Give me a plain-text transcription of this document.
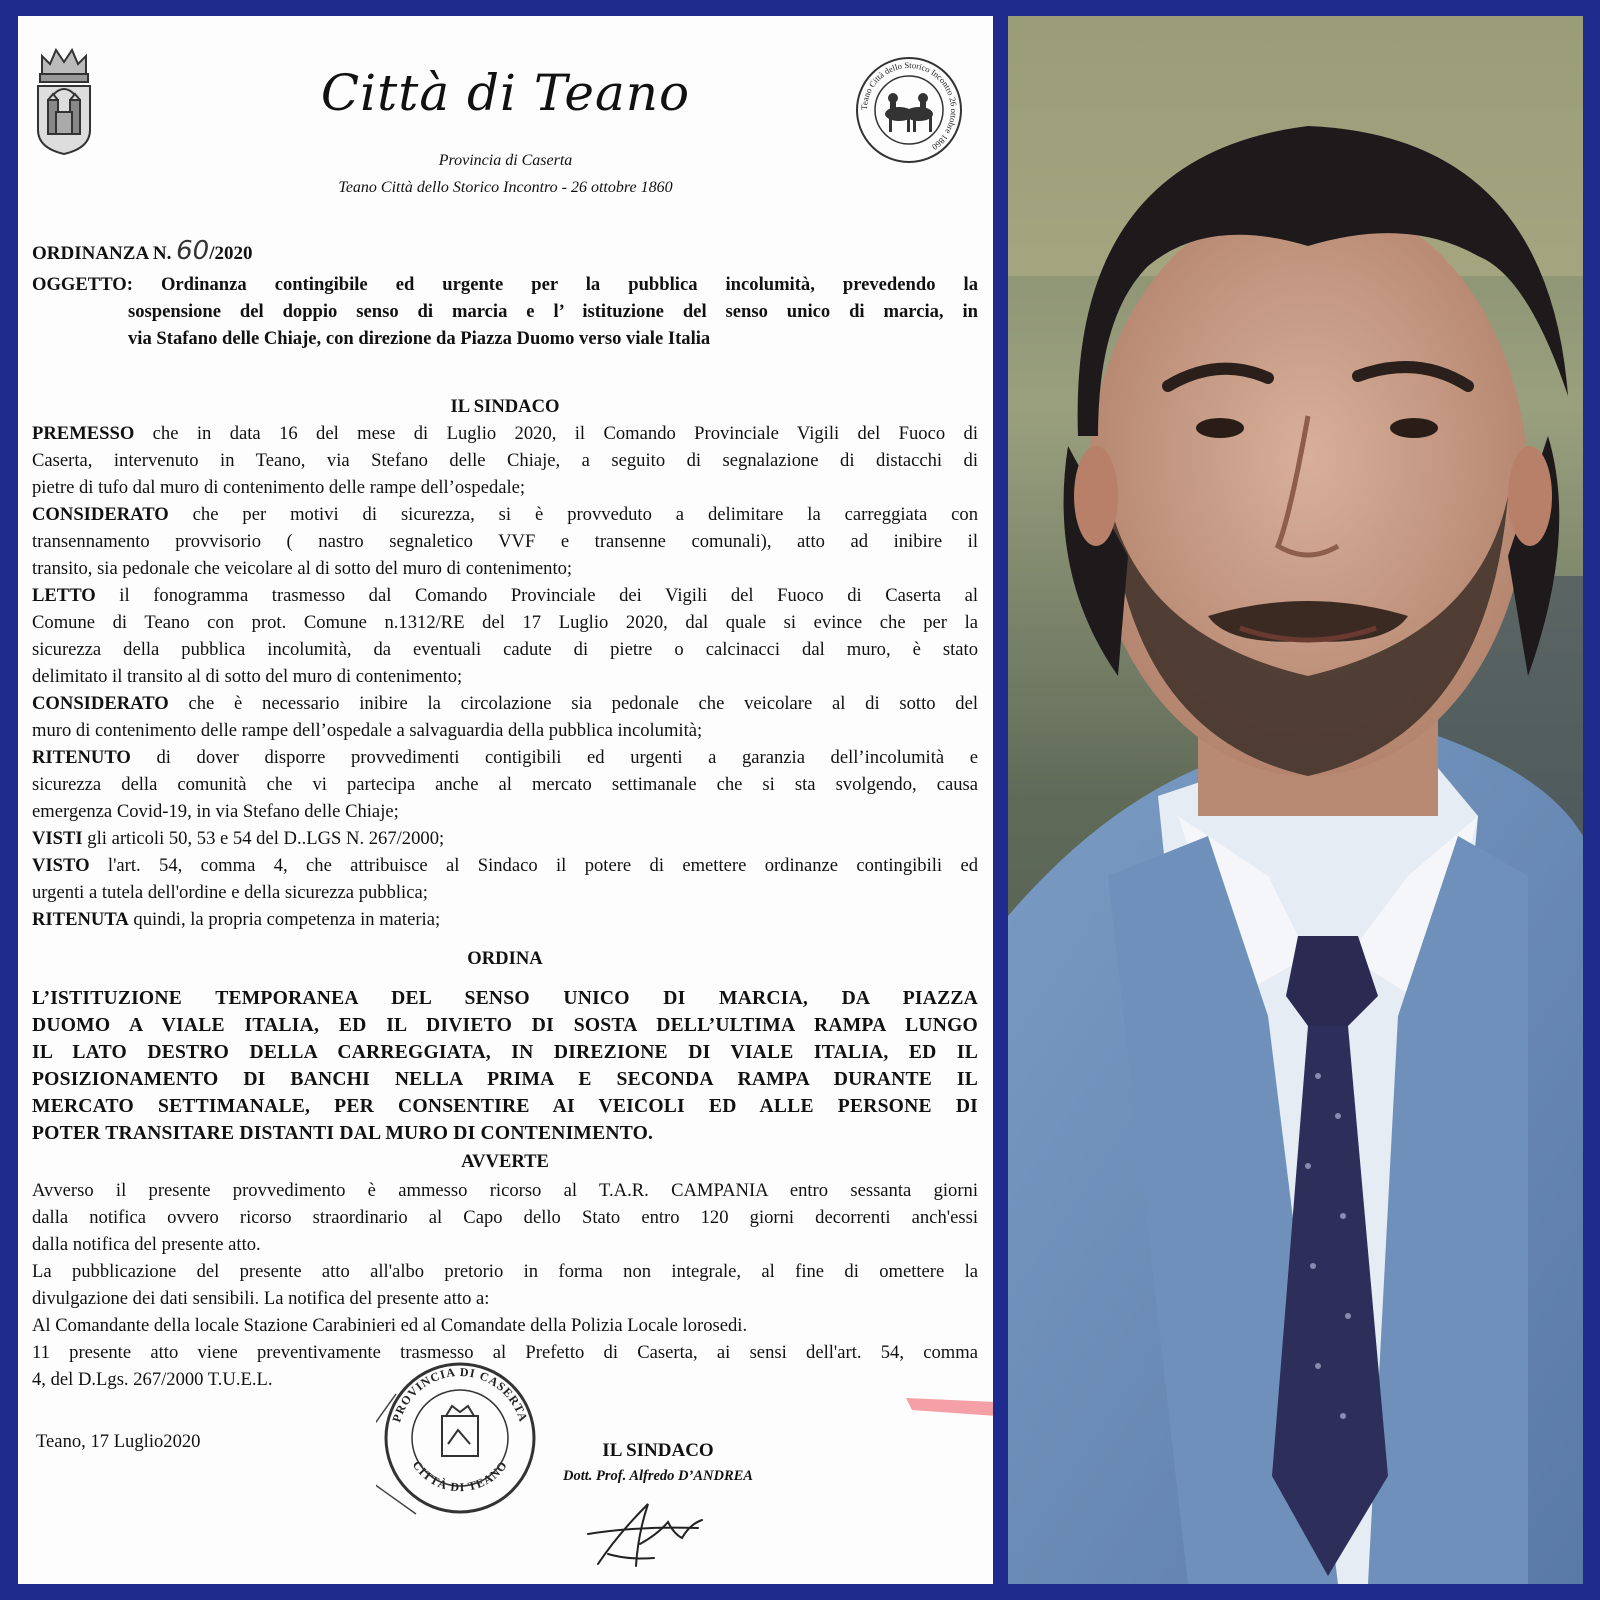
Città di Teano
Provincia di Caserta
Teano Città dello Storico Incontro - 26 ottobre 1860
Teano Città dello Storico Incontro 26 ottobre 1860
ORDINANZA N. 60/2020
OGGETTO: Ordinanza contingibile ed urgente per la pubblica incolumità, prevedendo la
sospensione del doppio senso di marcia e l’ istituzione del senso unico di marcia, in
via Stafano delle Chiaje, con direzione da Piazza Duomo verso viale Italia
IL SINDACO
PREMESSO che in data 16 del mese di Luglio 2020, il Comando Provinciale Vigili del Fuoco di
Caserta, intervenuto in Teano, via Stefano delle Chiaje, a seguito di segnalazione di distacchi di
pietre di tufo dal muro di contenimento delle rampe dell’ospedale;
CONSIDERATO che per motivi di sicurezza, si è provveduto a delimitare la carreggiata con
transennamento provvisorio ( nastro segnaletico VVF e transenne comunali), atto ad inibire il
transito, sia pedonale che veicolare al di sotto del muro di contenimento;
LETTO il fonogramma trasmesso dal Comando Provinciale dei Vigili del Fuoco di Caserta al
Comune di Teano con prot. Comune n.1312/RE del 17 Luglio 2020, dal quale si evince che per la
sicurezza della pubblica incolumità, da eventuali cadute di pietre o calcinacci dal muro, è stato
delimitato il transito al di sotto del muro di contenimento;
CONSIDERATO che è necessario inibire la circolazione sia pedonale che veicolare al di sotto del
muro di contenimento delle rampe dell’ospedale a salvaguardia della pubblica incolumità;
RITENUTO di dover disporre provvedimenti contigibili ed urgenti a garanzia dell’incolumità e
sicurezza della comunità che vi partecipa anche al mercato settimanale che si sta svolgendo, causa
emergenza Covid-19, in via Stefano delle Chiaje;
VISTI gli articoli 50, 53 e 54 del D..LGS N. 267/2000;
VISTO l'art. 54, comma 4, che attribuisce al Sindaco il potere di emettere ordinanze contingibili ed
urgenti a tutela dell'ordine e della sicurezza pubblica;
RITENUTA quindi, la propria competenza in materia;
ORDINA
L’ISTITUZIONE TEMPORANEA DEL SENSO UNICO DI MARCIA, DA PIAZZA
DUOMO A VIALE ITALIA, ED IL DIVIETO DI SOSTA DELL’ULTIMA RAMPA LUNGO
IL LATO DESTRO DELLA CARREGGIATA, IN DIREZIONE DI VIALE ITALIA, ED IL
POSIZIONAMENTO DI BANCHI NELLA PRIMA E SECONDA RAMPA DURANTE IL
MERCATO SETTIMANALE, PER CONSENTIRE AI VEICOLI ED ALLE PERSONE DI
POTER TRANSITARE DISTANTI DAL MURO DI CONTENIMENTO.
AVVERTE
Avverso il presente provvedimento è ammesso ricorso al T.A.R. CAMPANIA entro sessanta giorni
dalla notifica ovvero ricorso straordinario al Capo dello Stato entro 120 giorni decorrenti anch'essi
dalla notifica del presente atto.
La pubblicazione del presente atto all'albo pretorio in forma non integrale, al fine di omettere la
divulgazione dei dati sensibili. La notifica del presente atto a:
Al Comandante della locale Stazione Carabinieri ed al Comandate della Polizia Locale lorosedi.
11 presente atto viene preventivamente trasmesso al Prefetto di Caserta, ai sensi dell'art. 54, comma
4, del D.Lgs. 267/2000 T.U.E.L.
Teano, 17 Luglio2020
PROVINCIA DI CASERTA
CITTÀ DI TEANO
IL SINDACO
Dott. Prof. Alfredo D’ANDREA
